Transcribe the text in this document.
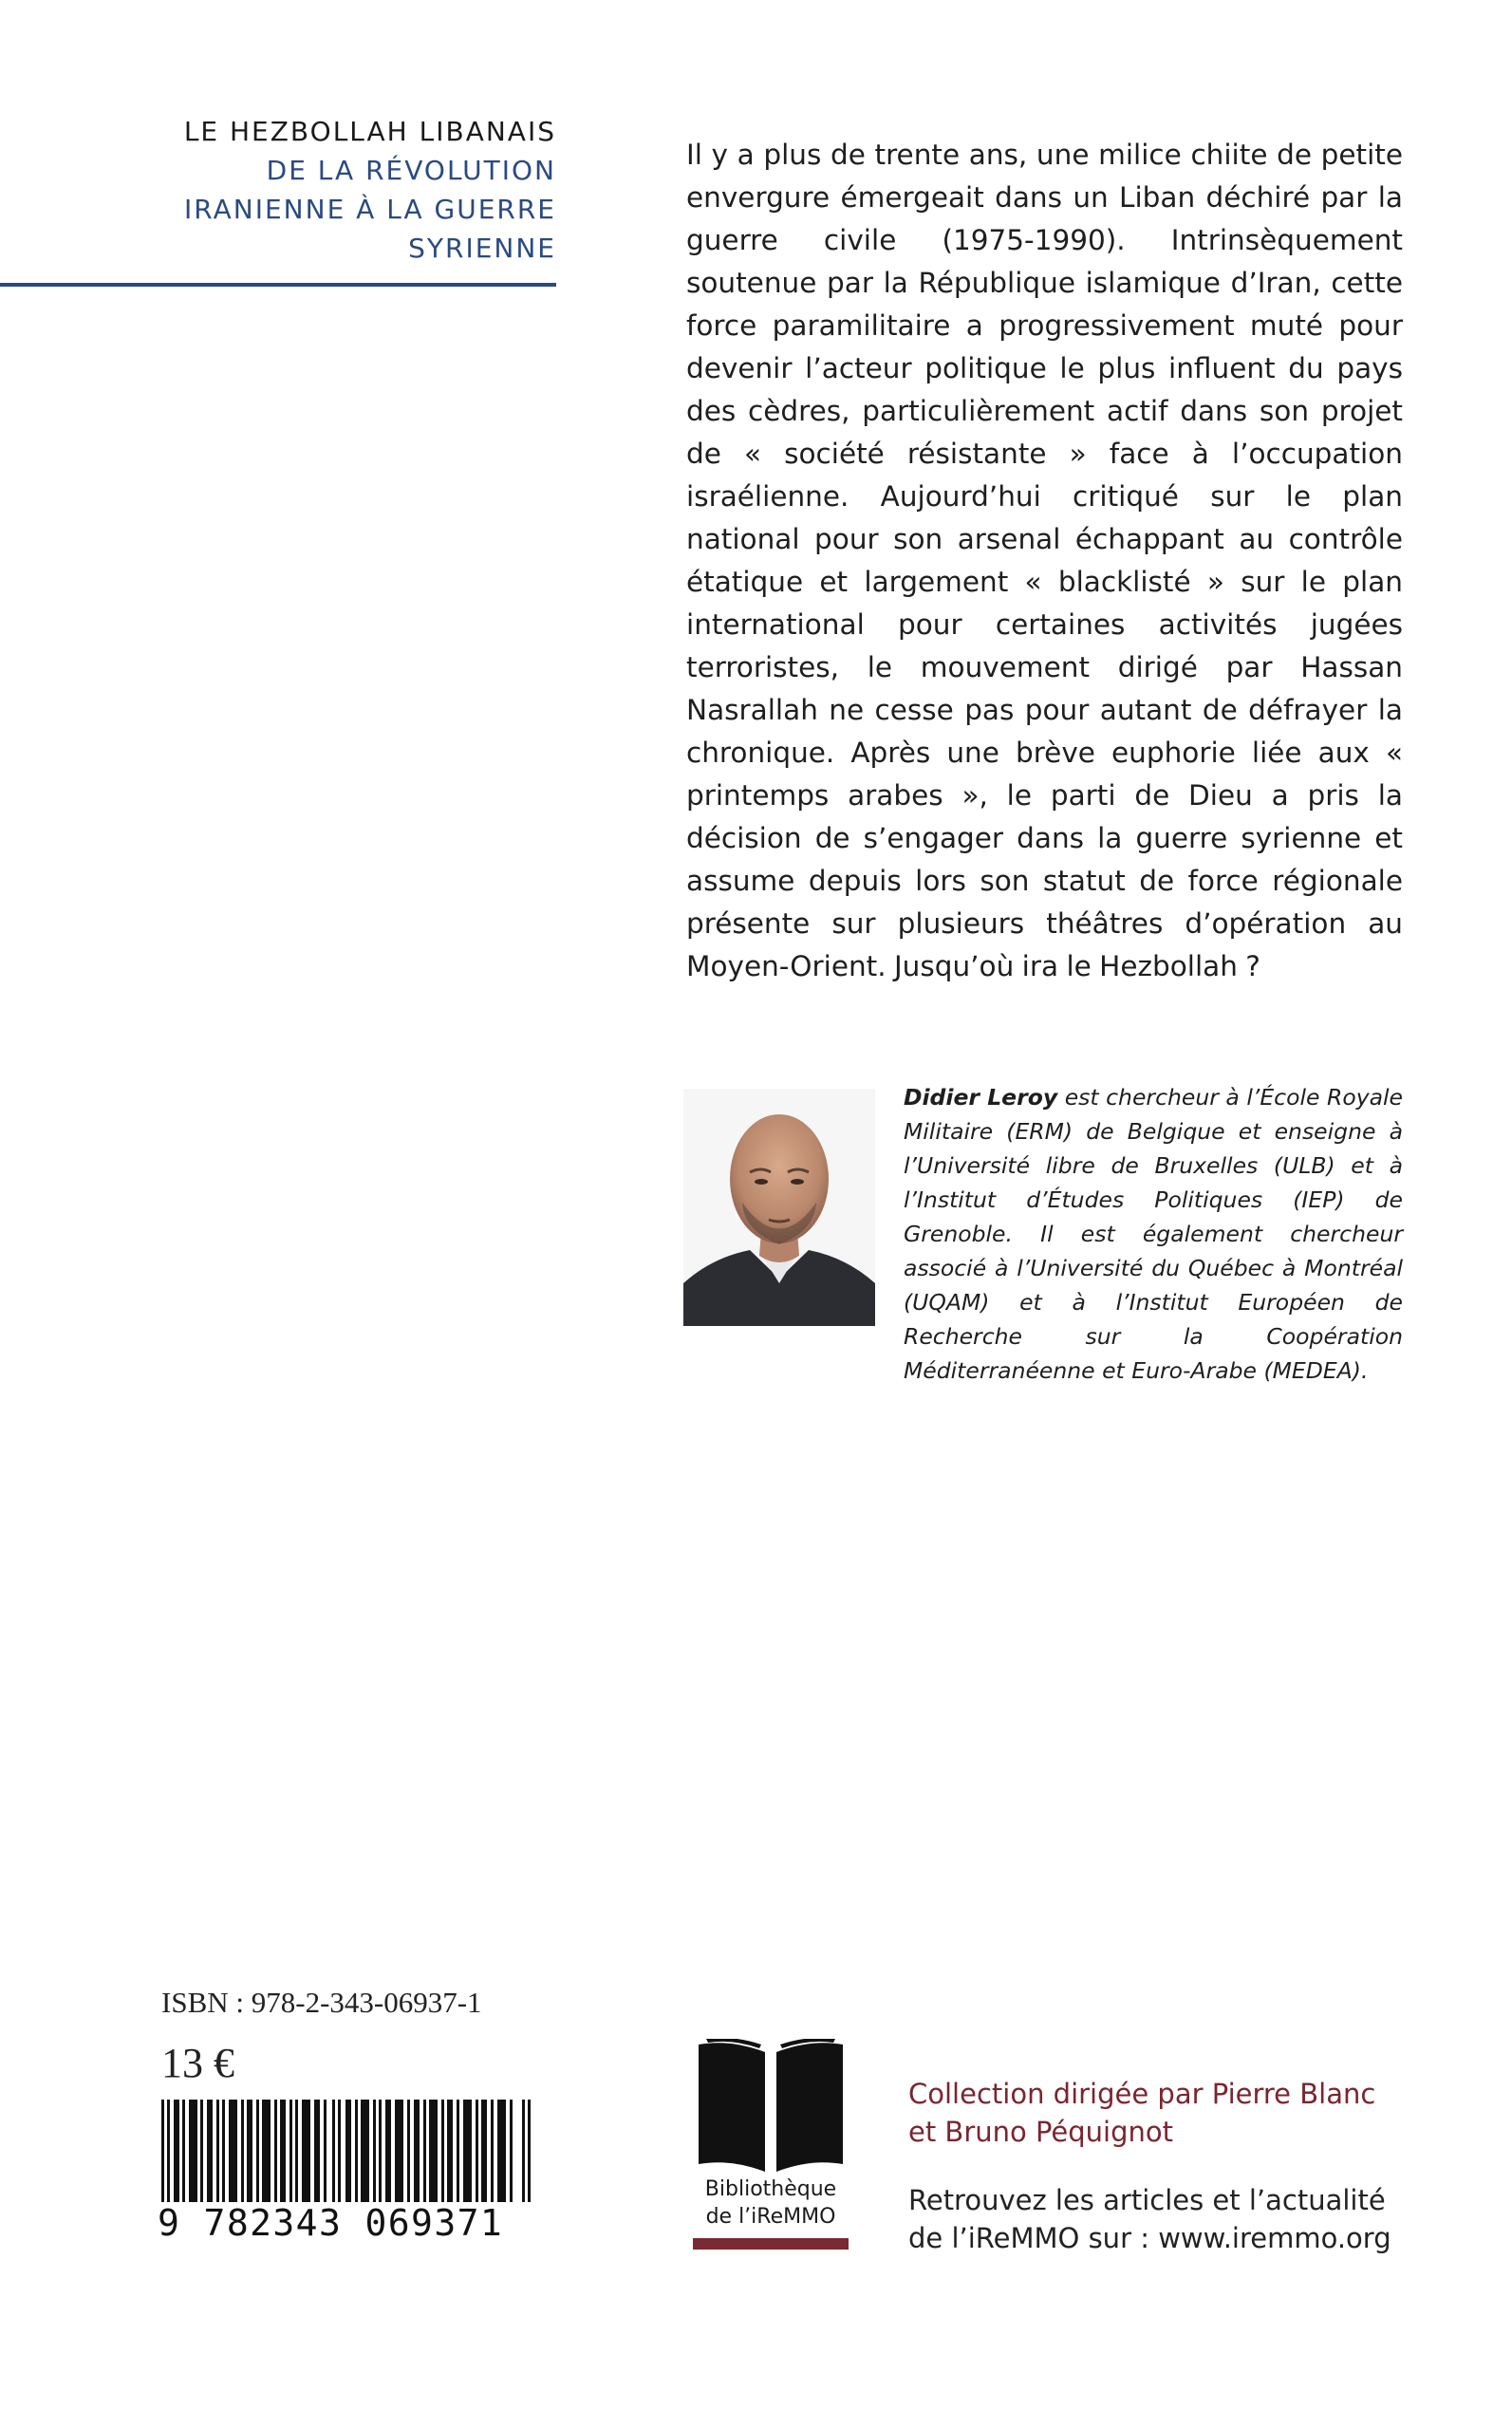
LE HEZBOLLAH LIBANAIS
DE LA RÉVOLUTION
IRANIENNE À LA GUERRE
SYRIENNE
Il y a plus de trente ans, une milice chiite de petite envergure émergeait dans un Liban déchiré par la guerre civile (1975-1990). Intrinsèquement soutenue par la République islamique d’Iran, cette force paramilitaire a progressivement muté pour devenir l’acteur politique le plus influent du pays des cèdres, particulièrement actif dans son projet de « société résistante » face à l’occupation israélienne. Aujourd’hui critiqué sur le plan national pour son arsenal échappant au contrôle étatique et largement « blacklisté » sur le plan international pour certaines activités jugées terroristes, le mouvement dirigé par Hassan Nasrallah ne cesse pas pour autant de défrayer la chronique. Après une brève euphorie liée aux « printemps arabes », le parti de Dieu a pris la décision de s’engager dans la guerre syrienne et assume depuis lors son statut de force régionale présente sur plusieurs théâtres d’opération au Moyen-Orient. Jusqu’où ira le Hezbollah ?
Didier Leroy est chercheur à l’École Royale Militaire (ERM) de Belgique et enseigne à l’Université libre de Bruxelles (ULB) et à l’Institut d’Études Politiques (IEP) de Grenoble. Il est également chercheur associé à l’Université du Québec à Montréal (UQAM) et à l’Institut Européen de Recherche sur la Coopération Méditerranéenne et Euro-Arabe (MEDEA).
ISBN : 978-2-343-06937-1
13 €
9 782343 069371
Bibliothèque
de l’iReMMO
Collection dirigée par Pierre Blanc
et Bruno Péquignot
Retrouvez les articles et l’actualité
de l’iReMMO sur : www.iremmo.org
